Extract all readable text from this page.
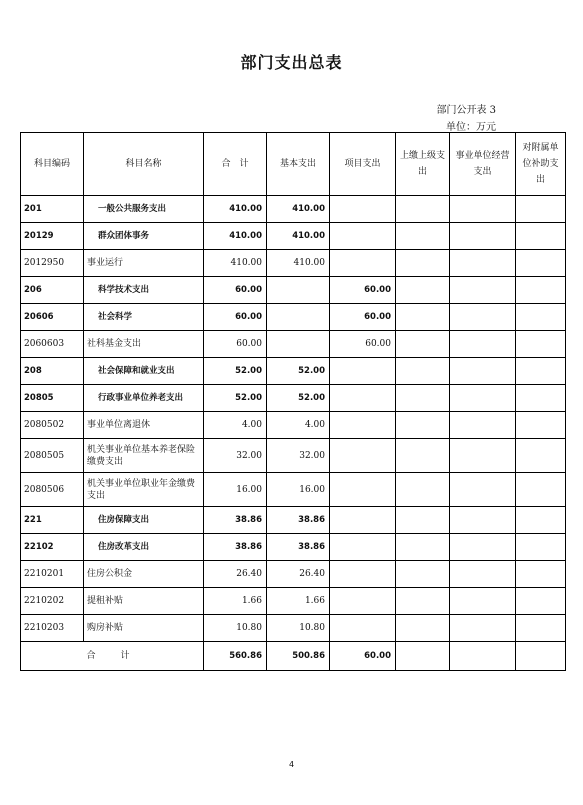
部门支出总表
部门公开表 3
单位：万元
科目编码	科目名称	合　计	基本支出	项目支出	上缴上级支出	事业单位经营支出	对附属单位补助支出
201	一般公共服务支出	410.00	410.00				
20129	群众团体事务	410.00	410.00				
2012950	事业运行	410.00	410.00				
206	科学技术支出	60.00		60.00			
20606	社会科学	60.00		60.00			
2060603	社科基金支出	60.00		60.00			
208	社会保障和就业支出	52.00	52.00				
20805	行政事业单位养老支出	52.00	52.00				
2080502	事业单位离退休	4.00	4.00				
2080505	机关事业单位基本养老保险缴费支出	32.00	32.00				
2080506	机关事业单位职业年金缴费支出	16.00	16.00				
221	住房保障支出	38.86	38.86				
22102	住房改革支出	38.86	38.86				
2210201	住房公积金	26.40	26.40				
2210202	提租补贴	1.66	1.66				
2210203	购房补贴	10.80	10.80				
合　计		560.86	500.86	60.00			
4
